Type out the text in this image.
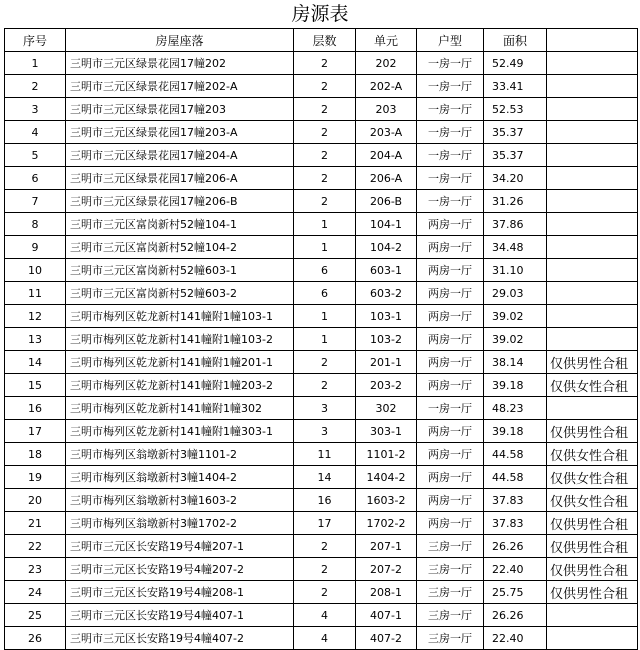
房源表
序号	房屋座落	层数	单元	户型	面积	
1	三明市三元区绿景花园17幢202	2	202	一房一厅	52.49	
2	三明市三元区绿景花园17幢202-A	2	202-A	一房一厅	33.41	
3	三明市三元区绿景花园17幢203	2	203	一房一厅	52.53	
4	三明市三元区绿景花园17幢203-A	2	203-A	一房一厅	35.37	
5	三明市三元区绿景花园17幢204-A	2	204-A	一房一厅	35.37	
6	三明市三元区绿景花园17幢206-A	2	206-A	一房一厅	34.20	
7	三明市三元区绿景花园17幢206-B	2	206-B	一房一厅	31.26	
8	三明市三元区富岗新村52幢104-1	1	104-1	两房一厅	37.86	
9	三明市三元区富岗新村52幢104-2	1	104-2	两房一厅	34.48	
10	三明市三元区富岗新村52幢603-1	6	603-1	两房一厅	31.10	
11	三明市三元区富岗新村52幢603-2	6	603-2	两房一厅	29.03	
12	三明市梅列区乾龙新村141幢附1幢103-1	1	103-1	两房一厅	39.02	
13	三明市梅列区乾龙新村141幢附1幢103-2	1	103-2	两房一厅	39.02	
14	三明市梅列区乾龙新村141幢附1幢201-1	2	201-1	两房一厅	38.14	仅供男性合租
15	三明市梅列区乾龙新村141幢附1幢203-2	2	203-2	两房一厅	39.18	仅供女性合租
16	三明市梅列区乾龙新村141幢附1幢302	3	302	一房一厅	48.23	
17	三明市梅列区乾龙新村141幢附1幢303-1	3	303-1	两房一厅	39.18	仅供男性合租
18	三明市梅列区翁墩新村3幢1101-2	11	1101-2	两房一厅	44.58	仅供女性合租
19	三明市梅列区翁墩新村3幢1404-2	14	1404-2	两房一厅	44.58	仅供女性合租
20	三明市梅列区翁墩新村3幢1603-2	16	1603-2	两房一厅	37.83	仅供女性合租
21	三明市梅列区翁墩新村3幢1702-2	17	1702-2	两房一厅	37.83	仅供男性合租
22	三明市三元区长安路19号4幢207-1	2	207-1	三房一厅	26.26	仅供男性合租
23	三明市三元区长安路19号4幢207-2	2	207-2	三房一厅	22.40	仅供男性合租
24	三明市三元区长安路19号4幢208-1	2	208-1	三房一厅	25.75	仅供男性合租
25	三明市三元区长安路19号4幢407-1	4	407-1	三房一厅	26.26	
26	三明市三元区长安路19号4幢407-2	4	407-2	三房一厅	22.40	
